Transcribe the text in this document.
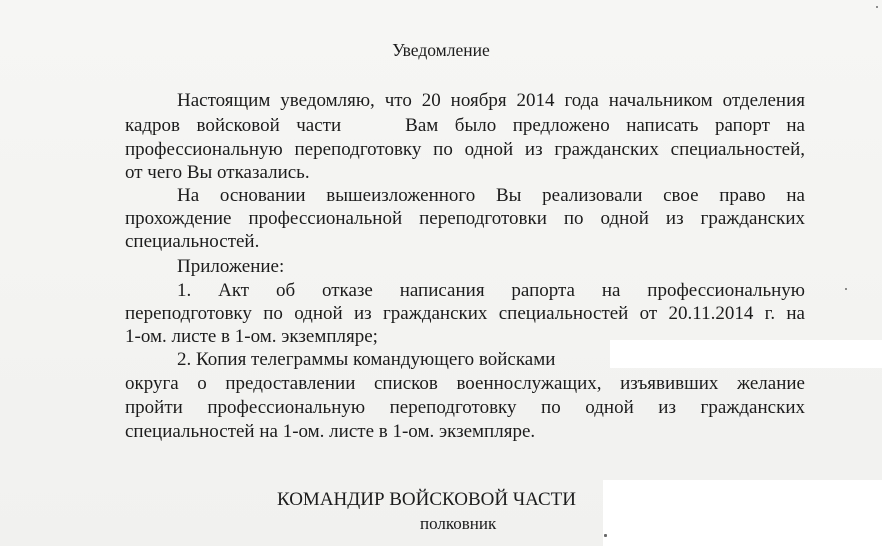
Уведомление
Настоящим уведомляю, что 20 ноября 2014 года начальником отделения
кадров войсковой части	Вам было предложено написать рапорт на
профессиональную переподготовку по одной из гражданских специальностей,
от чего Вы отказались.
На основании вышеизложенного Вы реализовали свое право на
прохождение профессиональной переподготовки по одной из гражданских
специальностей.
Приложение:
1. Акт об отказе написания рапорта на профессиональную
переподготовку по одной из гражданских специальностей от 20.11.2014 г. на
1-ом. листе в 1-ом. экземпляре;
2. Копия телеграммы командующего войсками
округа о предоставлении списков военнослужащих, изъявивших желание
пройти профессиональную переподготовку по одной из гражданских
специальностей на 1-ом. листе в 1-ом. экземпляре.
КОМАНДИР ВОЙСКОВОЙ ЧАСТИ
полковник
